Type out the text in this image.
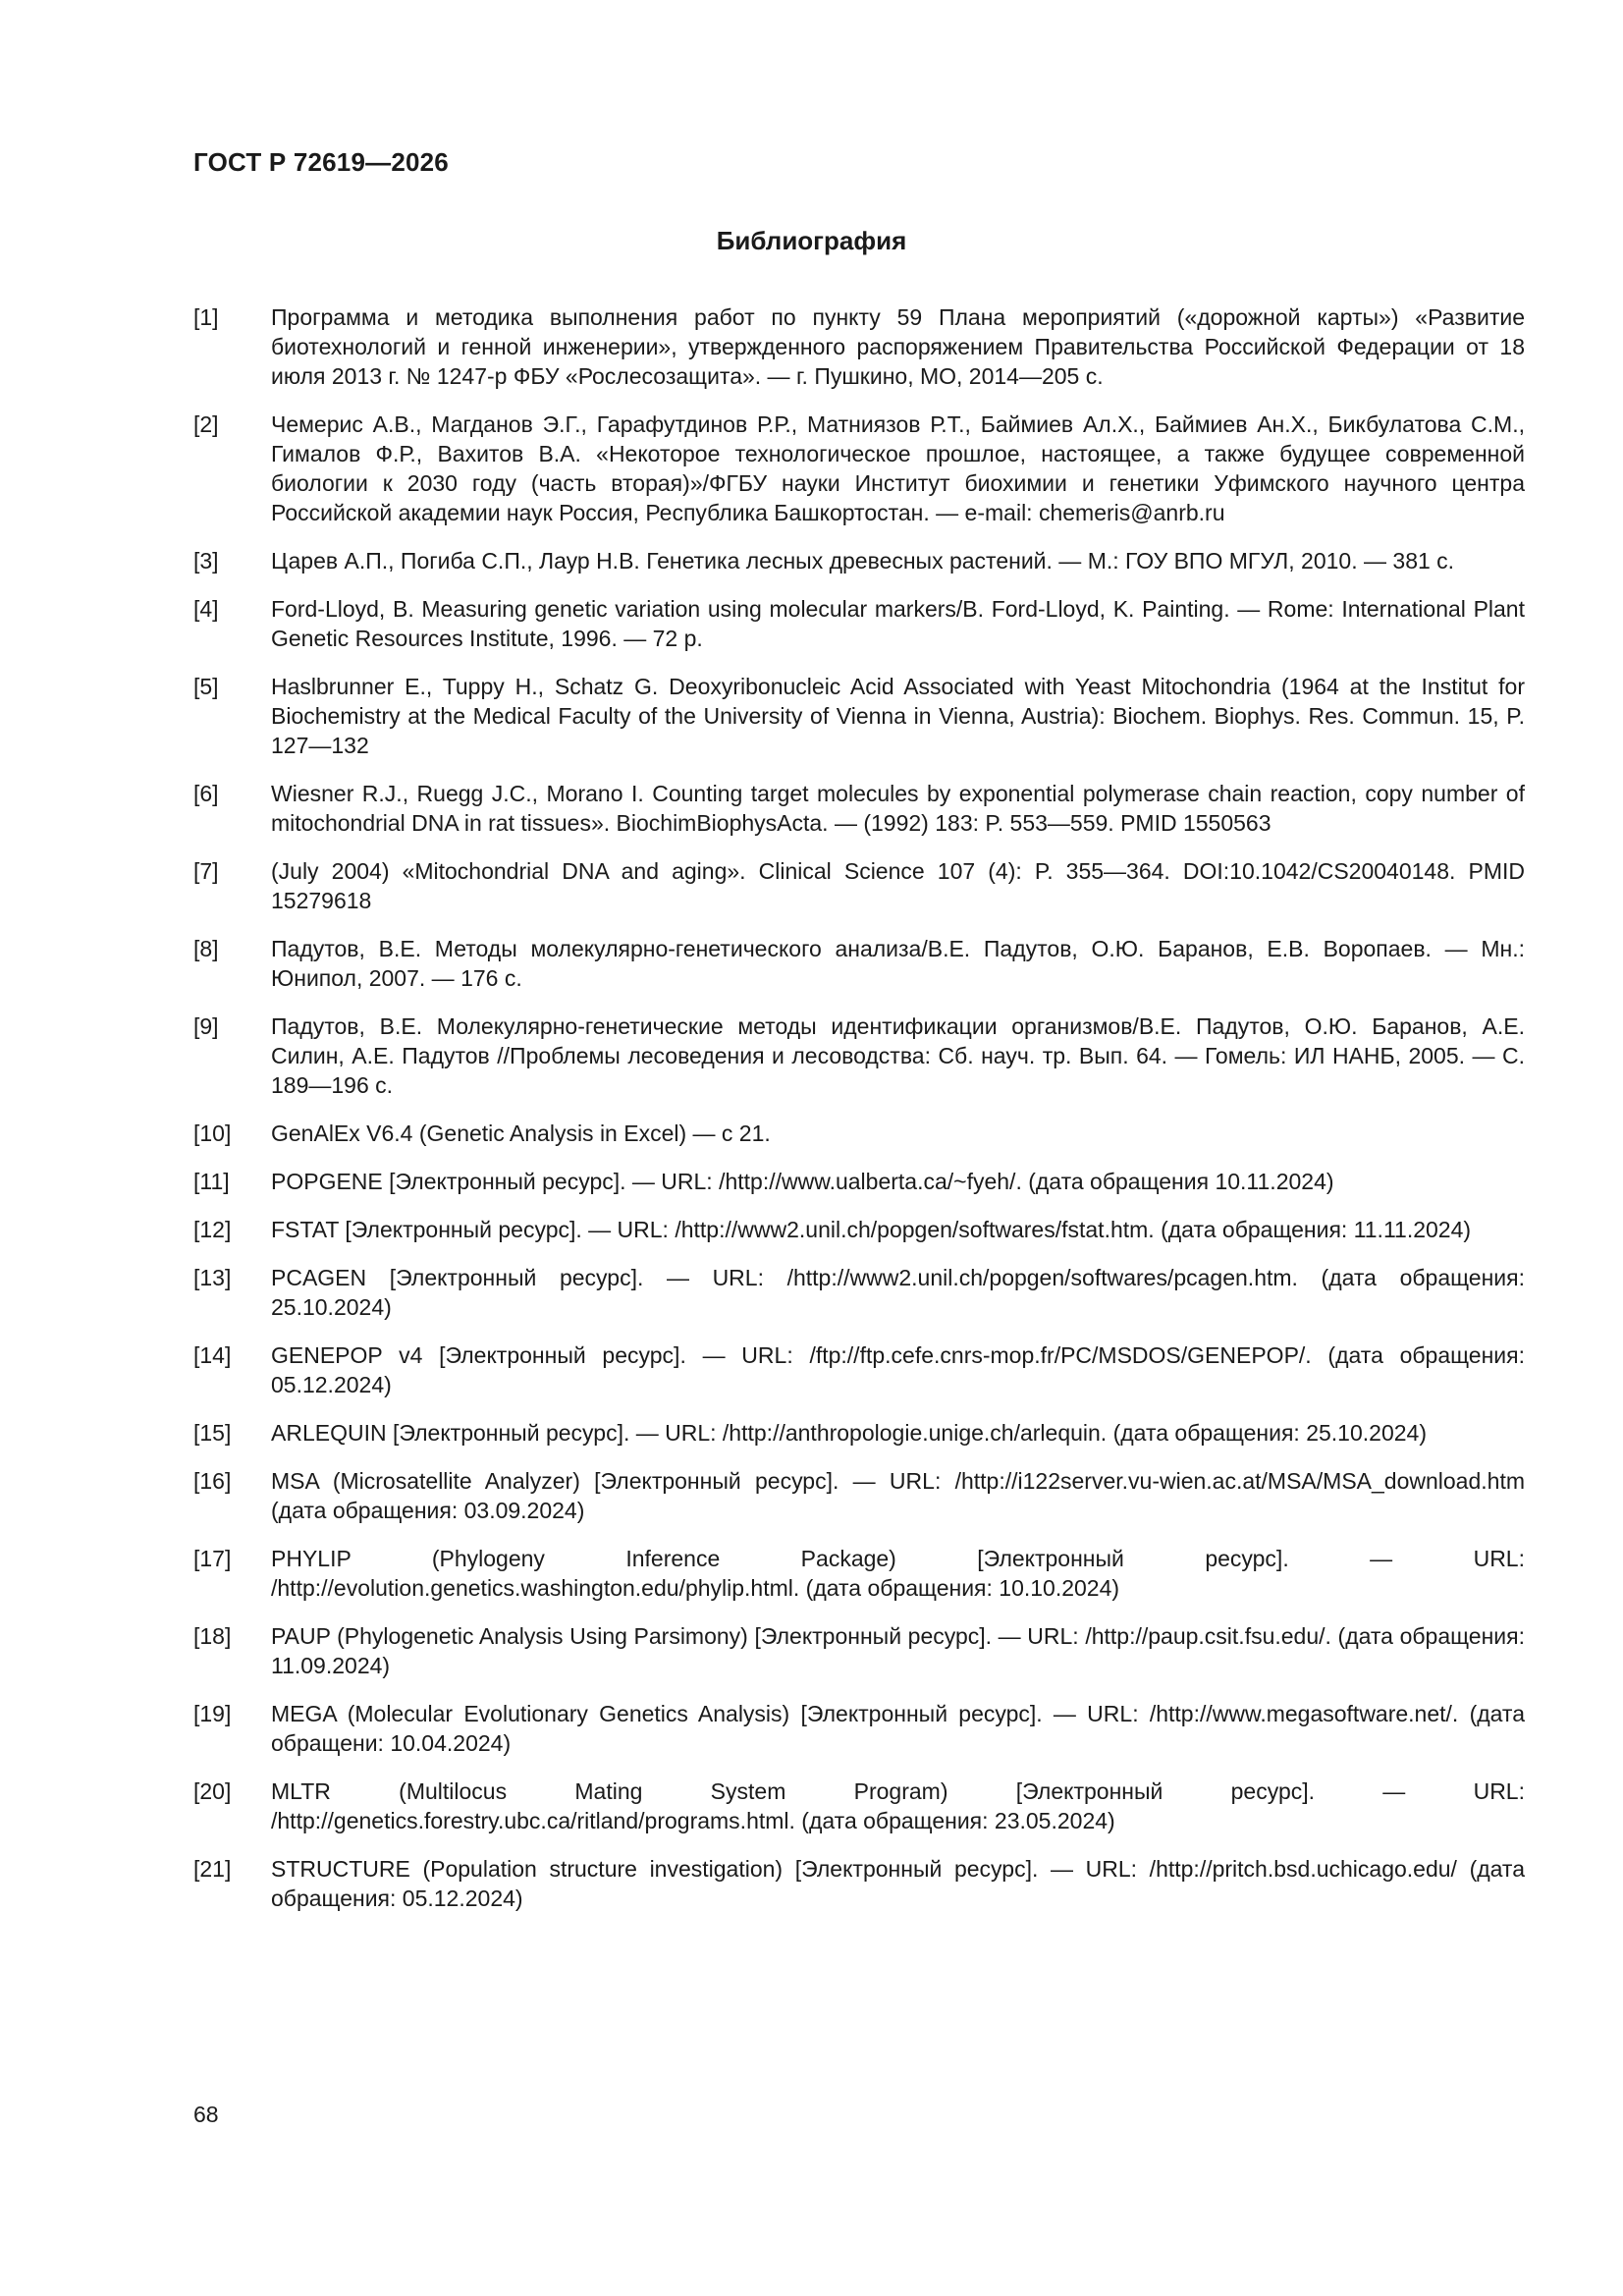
ГОСТ Р 72619—2026
Библиография
[1]	Программа и методика выполнения работ по пункту 59 Плана мероприятий («дорожной карты») «Развитие биотехнологий и генной инженерии», утвержденного распоряжением Правительства Российской Федерации от 18 июля 2013 г. № 1247-р ФБУ «Рослесозащита». — г. Пушкино, МО, 2014—205 с.
[2]	Чемерис А.В., Магданов Э.Г., Гарафутдинов Р.Р., Матниязов Р.Т., Баймиев Ал.Х., Баймиев Ан.Х., Бикбулатова С.М., Гималов Ф.Р., Вахитов В.А. «Некоторое технологическое прошлое, настоящее, а также будущее современной биологии к 2030 году (часть вторая)»/ФГБУ науки Институт биохимии и генетики Уфимского научного центра Российской академии наук Россия, Республика Башкортостан. — e-mail: chemeris@anrb.ru
[3]	Царев А.П., Погиба С.П., Лаур Н.В. Генетика лесных древесных растений. — М.: ГОУ ВПО МГУЛ, 2010. — 381 с.
[4]	Ford-Lloyd, B. Measuring genetic variation using molecular markers/B. Ford-Lloyd, K. Painting. — Rome: International Plant Genetic Resources Institute, 1996. — 72 p.
[5]	Haslbrunner E., Tuppy H., Schatz G. Deoxyribonucleic Acid Associated with Yeast Mitochondria (1964 at the Institut for Biochemistry at the Medical Faculty of the University of Vienna in Vienna, Austria): Biochem. Biophys. Res. Commun. 15, P. 127—132
[6]	Wiesner R.J., Ruegg J.C., Morano I. Counting target molecules by exponential polymerase chain reaction, copy number of mitochondrial DNA in rat tissues». BiochimBiophysActa. — (1992) 183: P. 553—559. PMID 1550563
[7]	(July 2004) «Mitochondrial DNA and aging». Clinical Science 107 (4): P. 355—364. DOI:10.1042/CS20040148. PMID 15279618
[8]	Падутов, В.Е. Методы молекулярно-генетического анализа/В.Е. Падутов, О.Ю. Баранов, Е.В. Воропаев. — Мн.: Юнипол, 2007. — 176 с.
[9]	Падутов, В.Е. Молекулярно-генетические методы идентификации организмов/В.Е. Падутов, О.Ю. Баранов, А.Е. Силин, А.Е. Падутов //Проблемы лесоведения и лесоводства: Сб. науч. тр. Вып. 64. — Гомель: ИЛ НАНБ, 2005. — С. 189—196 с.
[10]	GenAlEx V6.4 (Genetic Analysis in Excel) — с 21.
[11]	POPGENE [Электронный ресурс]. — URL: /http://www.ualberta.ca/~fyeh/. (дата обращения 10.11.2024)
[12]	FSTAT [Электронный ресурс]. — URL: /http://www2.unil.ch/popgen/softwares/fstat.htm. (дата обращения: 11.11.2024)
[13]	PCAGEN [Электронный ресурс]. — URL: /http://www2.unil.ch/popgen/softwares/pcagen.htm. (дата обращения: 25.10.2024)
[14]	GENEPOP v4 [Электронный ресурс]. — URL: /ftp://ftp.cefe.cnrs-mop.fr/PC/MSDOS/GENEPOP/. (дата обращения: 05.12.2024)
[15]	ARLEQUIN [Электронный ресурс]. — URL: /http://anthropologie.unige.ch/arlequin. (дата обращения: 25.10.2024)
[16]	MSA (Microsatellite Analyzer) [Электронный ресурс]. — URL: /http://i122server.vu-wien.ac.at/MSA/MSA_download.htm (дата обращения: 03.09.2024)
[17]	PHYLIP (Phylogeny Inference Package) [Электронный ресурс]. — URL: /http://evolution.genetics.washington.edu/phylip.html. (дата обращения: 10.10.2024)
[18]	PAUP (Phylogenetic Analysis Using Parsimony) [Электронный ресурс]. — URL: /http://paup.csit.fsu.edu/. (дата обращения: 11.09.2024)
[19]	MEGA (Molecular Evolutionary Genetics Analysis) [Электронный ресурс]. — URL: /http://www.megasoftware.net/. (дата обращени: 10.04.2024)
[20]	MLTR (Multilocus Mating System Program) [Электронный ресурс]. — URL: /http://genetics.forestry.ubc.ca/ritland/programs.html. (дата обращения: 23.05.2024)
[21]	STRUCTURE (Population structure investigation) [Электронный ресурс]. — URL: /http://pritch.bsd.uchicago.edu/ (дата обращения: 05.12.2024)
68
